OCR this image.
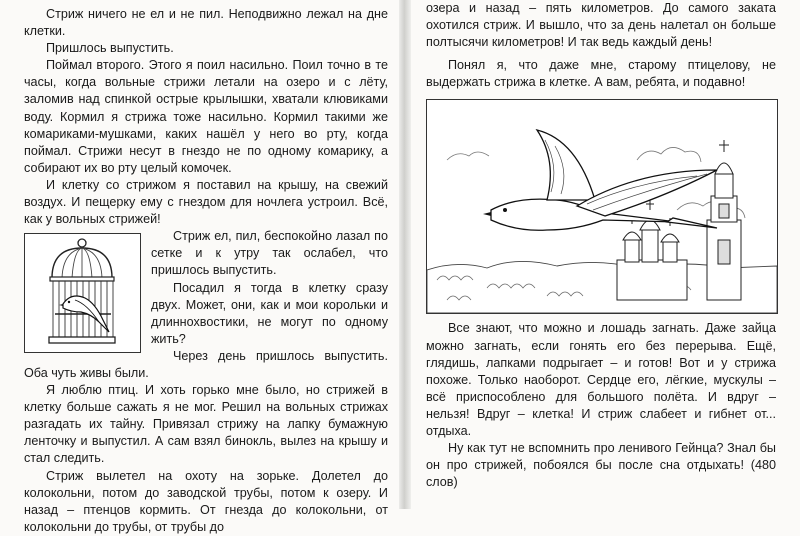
Стриж ничего не ел и не пил. Неподвижно лежал на дне клетки.

Пришлось выпустить.

Поймал второго. Этого я поил насильно. Поил точно в те часы, когда вольные стрижи летали на озеро и с лёту, заломив над спинкой острые крылышки, хватали клювиками воду. Кормил я стрижа тоже насильно. Кормил такими же комариками-мушками, каких нашёл у него во рту, когда поймал. Стрижи несут в гнездо не по одному комарику, а собирают их во рту целый комочек.

И клетку со стрижом я поставил на крышу, на свежий воздух. И пещерку ему с гнездом для ночлега устроил. Всё, как у вольных стрижей!

Стриж ел, пил, беспокойно лазал по сетке и к утру так ослабел, что пришлось выпустить.

Посадил я тогда в клетку сразу двух. Может, они, как и мои корольки и длиннохвостики, не могут по одному жить?

Через день пришлось выпустить. Оба чуть живы были.

Я люблю птиц. И хоть горько мне было, но стрижей в клетку больше сажать я не мог. Решил на вольных стрижах разгадать их тайну. Привязал стрижу на лапку бумажную ленточку и выпустил. А сам взял бинокль, вылез на крышу и стал следить.

Стриж вылетел на охоту на зорьке. Долетел до колокольни, потом до заводской трубы, потом к озеру. И назад – птенцов кормить. От гнезда до колокольни, от колокольни до трубы, от трубы до

озера и назад – пять километров. До самого заката охотился стриж. И вышло, что за день налетал он больше полтысячи километров! И так ведь каждый день!

Понял я, что даже мне, старому птицелову, не выдержать стрижа в клетке. А вам, ребята, и подавно!

Все знают, что можно и лошадь загнать. Даже зайца можно загнать, если гонять его без перерыва. Ещё, глядишь, лапками подрыгает – и готов! Вот и у стрижа похоже. Только наоборот. Сердце его, лёгкие, мускулы – всё приспособлено для большого полёта. И вдруг – нельзя! Вдруг – клетка! И стриж слабеет и гибнет от... отдыха.

Ну как тут не вспомнить про ленивого Гейнца? Знал бы он про стрижей, побоялся бы после сна отдыхать! (480 слов)
